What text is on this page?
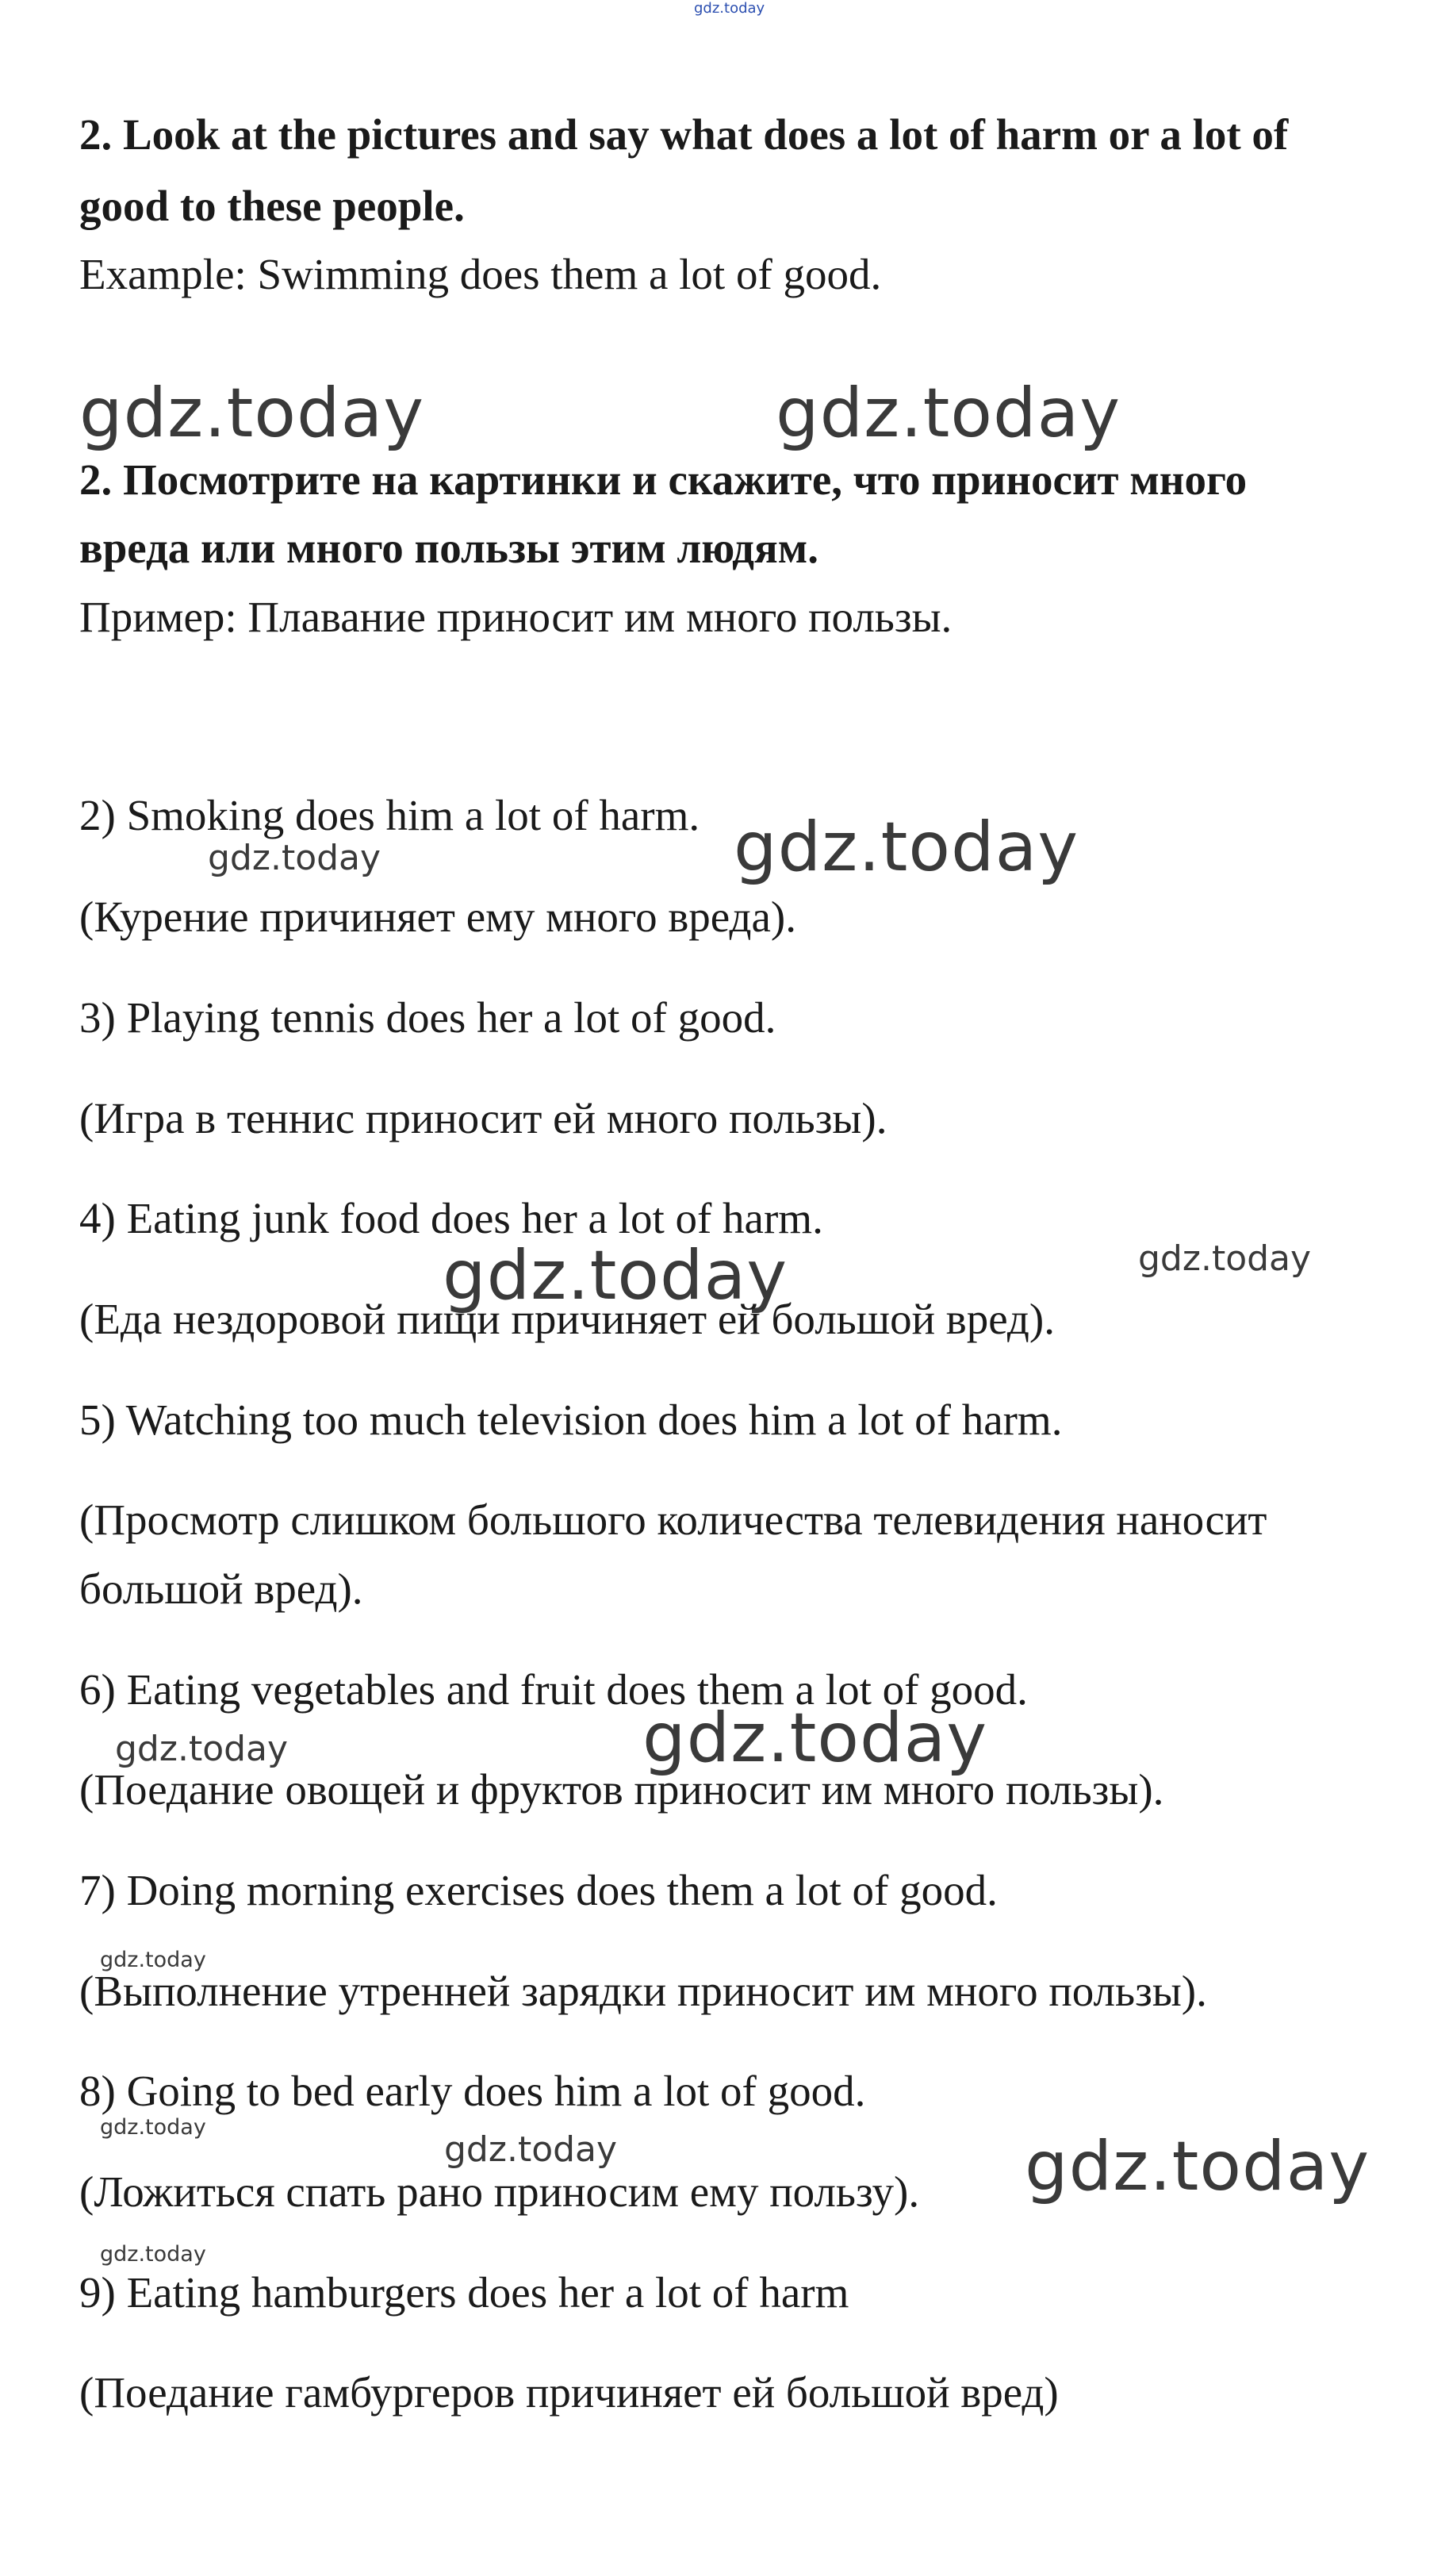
2. Look at the pictures and say what does a lot of harm or a lot of

good to these people.

Example: Swimming does them a lot of good.

gdz.today	gdz.today

2. Посмотрите на картинки и скажите, что приносит много

вреда или много пользы этим людям.

Пример: Плавание приносит им много пользы.

2) Smoking does him a lot of harm. gdz.today
gdz.today

(Курение причиняет ему много вреда).

3) Playing tennis does her a lot of good.

(Игра в теннис приносит ей много пользы).

4) Eating junk food does her a lot of harm.

gdz.today	gdz.today

(Еда нездоровой пищи причиняет ей большой вред).

5) Watching too much television does him a lot of harm.

(Просмотр слишком большого количества телевидения наносит

большой вред).

6) Eating vegetables and fruit does them a lot of good.

gdz.today
gdz.today

(Поедание овощей и фруктов приносит им много пользы).

7) Doing morning exercises does them a lot of good.

gdz.today

(Выполнение утренней зарядки приносит им много пользы).

8) Going to bed early does him a lot of good.

gdz.today
gdz.today	gdz.today

(Ложиться спать рано приносим ему пользу).

gdz.today

9) Eating hamburgers does her a lot of harm

(Поедание гамбургеров причиняет ей большой вред)

gdz.today
